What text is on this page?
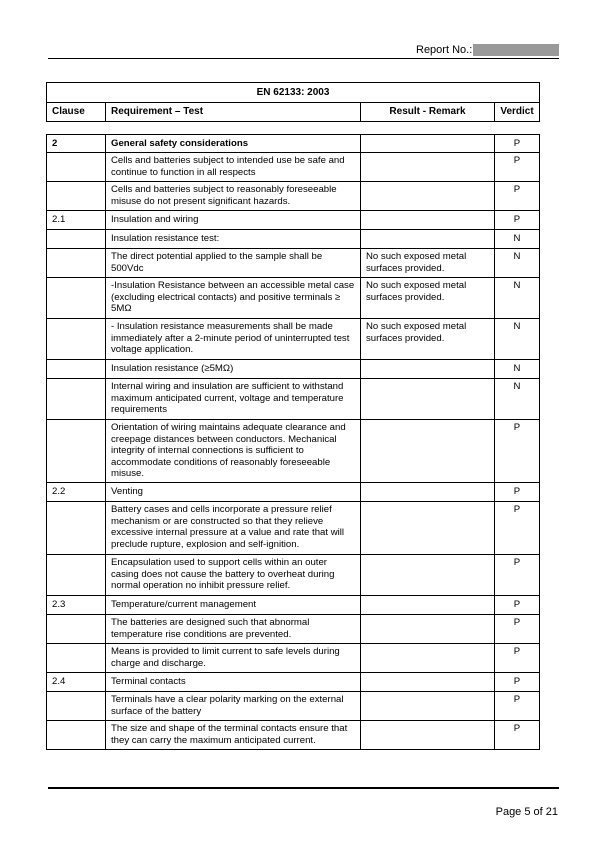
Report No.:
EN 62133: 2003
Clause	Requirement – Test	Result - Remark	Verdict
2	General safety considerations		P
	Cells and batteries subject to intended use be safe and continue to function in all respects		P
	Cells and batteries subject to reasonably foreseeable misuse do not present significant hazards.		P
2.1	Insulation and wiring		P
	Insulation resistance test:		N
	The direct potential applied to the sample shall be 500Vdc	No such exposed metal surfaces provided.	N
	-Insulation Resistance between an accessible metal case (excluding electrical contacts) and positive terminals ≥ 5MΩ	No such exposed metal surfaces provided.	N
	- Insulation resistance measurements shall be made immediately after a 2-minute period of uninterrupted test voltage application.	No such exposed metal surfaces provided.	N
	Insulation resistance (≥5MΩ)		N
	Internal wiring and insulation are sufficient to withstand maximum anticipated current, voltage and temperature requirements		N
	Orientation of wiring maintains adequate clearance and creepage distances between conductors. Mechanical integrity of internal connections is sufficient to accommodate conditions of reasonably foreseeable misuse.		P
2.2	Venting		P
	Battery cases and cells incorporate a pressure relief mechanism or are constructed so that they relieve excessive internal pressure at a value and rate that will preclude rupture, explosion and self-ignition.		P
	Encapsulation used to support cells within an outer casing does not cause the battery to overheat during normal operation no inhibit pressure relief.		P
2.3	Temperature/current management		P
	The batteries are designed such that abnormal temperature rise conditions are prevented.		P
	Means is provided to limit current to safe levels during charge and discharge.		P
2.4	Terminal contacts		P
	Terminals have a clear polarity marking on the external surface of the battery		P
	The size and shape of the terminal contacts ensure that they can carry the maximum anticipated current.		P
Page 5 of 21
